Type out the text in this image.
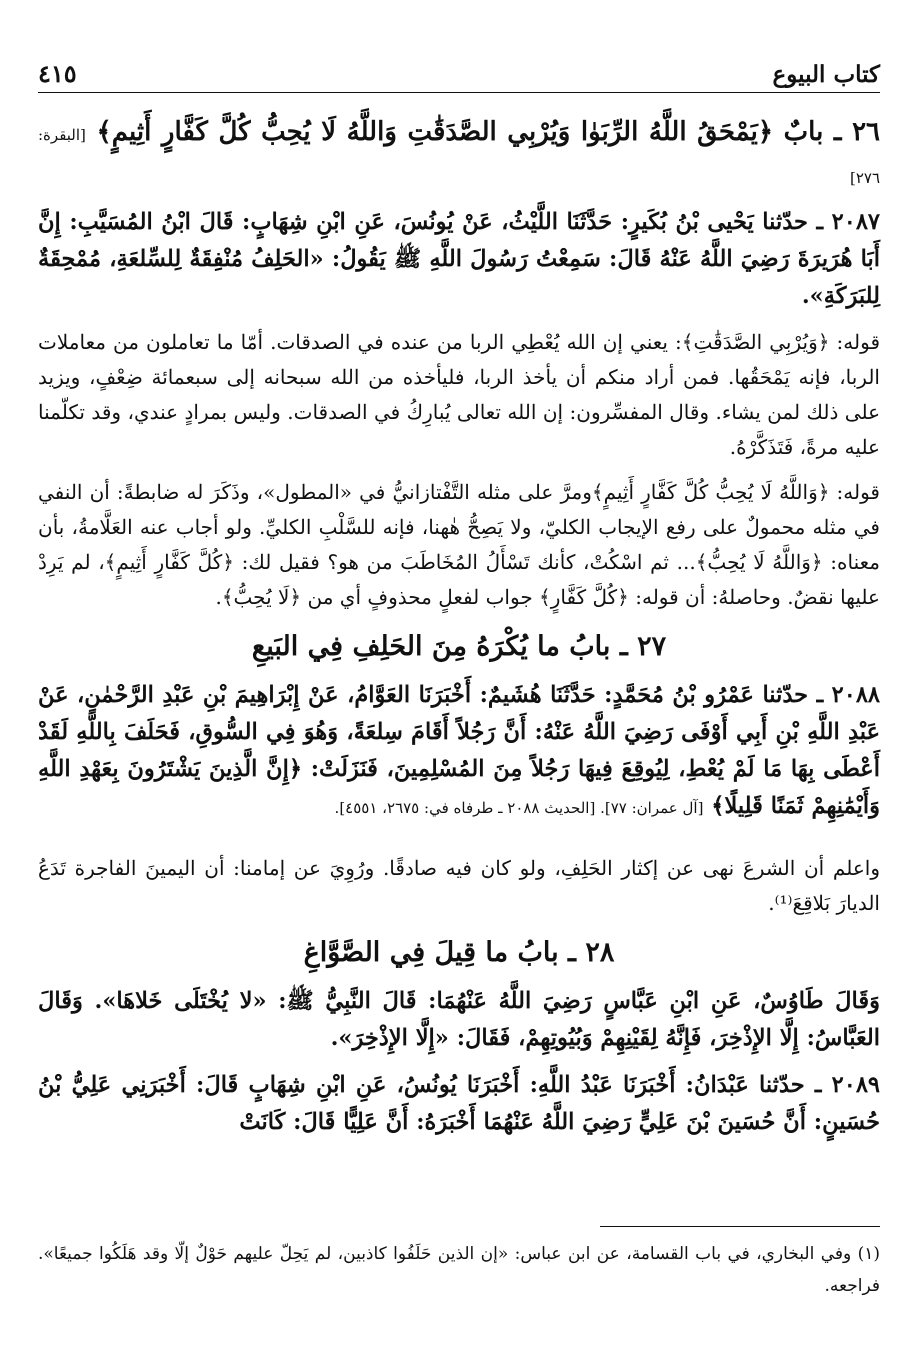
كتاب البيوع
٤١٥
٢٦ ـ بابٌ ﴿يَمْحَقُ اللَّهُ الرِّبَوٰا وَيُرْبِي الصَّدَقَٰتِ وَاللَّهُ لَا يُحِبُّ كُلَّ كَفَّارٍ أَثِيمٍ﴾ [البقرة: ٢٧٦]

٢٠٨٧ ـ حدّثنا يَحْيى بْنُ بُكَيرٍ: حَدَّثَنَا اللَّيْثُ، عَنْ يُونُسَ، عَنِ ابْنِ شِهَابٍ: قَالَ ابْنُ المُسَيَّبِ: إِنَّ أَبَا هُرَيرَةَ رَضِيَ اللَّهُ عَنْهُ قَالَ: سَمِعْتُ رَسُولَ اللَّهِ ﷺ يَقُولُ: «الحَلِفُ مُنْفِقَةٌ لِلسِّلعَةِ، مُمْحِقَةٌ لِلبَرَكَةِ».

قوله: ﴿وَيُرْبِي الصَّدَقَٰتِ﴾: يعني إن الله يُعْطِي الربا من عنده في الصدقات. أمّا ما تعاملون من معاملات الربا، فإنه يَمْحَقُها. فمن أراد منكم أن يأخذ الربا، فليأخذه من الله سبحانه إلى سبعمائة ضِعْفٍ، ويزيد على ذلك لمن يشاء. وقال المفسِّرون: إن الله تعالى يُبارِكُ في الصدقات. وليس بمرادٍ عندي، وقد تكلّمنا عليه مرةً، فَتَذَكَّرْهُ.

قوله: ﴿وَاللَّهُ لَا يُحِبُّ كُلَّ كَفَّارٍ أَثِيمٍ﴾ومرَّ على مثله التَّفْتازانيُّ في «المطول»، وذَكَرَ له ضابطةً: أن النفي في مثله محمولٌ على رفع الإيجاب الكليّ، ولا يَصِحُّ هٰهنا، فإنه للسَّلْبِ الكليِّ. ولو أجاب عنه العَلَّامةُ، بأن معناه: ﴿وَاللَّهُ لَا يُحِبُّ﴾... ثم اسْكُتْ، كأنك تَسْأَلُ المُخَاطَبَ من هو؟ فقيل لك: ﴿كُلَّ كَفَّارٍ أَثِيمٍ﴾، لم يَرِدْ عليها نقضٌ. وحاصلهُ: أن قوله: ﴿كُلَّ كَفَّارٍ﴾ جواب لفعلٍ محذوفٍ أي من ﴿لَا يُحِبُّ﴾.

٢٧ ـ بابُ ما يُكْرَهُ مِنَ الحَلِفِ فِي البَيعِ

٢٠٨٨ ـ حدّثنا عَمْرُو بْنُ مُحَمَّدٍ: حَدَّثَنَا هُشَيمٌ: أَخْبَرَنَا العَوَّامُ، عَنْ إِبْرَاهِيمَ بْنِ عَبْدِ الرَّحْمٰنِ، عَنْ عَبْدِ اللَّهِ بْنِ أَبِي أَوْفَى رَضِيَ اللَّهُ عَنْهُ: أَنَّ رَجُلاً أَقَامَ سِلعَةً، وَهُوَ فِي السُّوقِ، فَحَلَفَ بِاللَّهِ لَقَدْ أَعْطَى بِهَا مَا لَمْ يُعْطِ، لِيُوقِعَ فِيهَا رَجُلاً مِنَ المُسْلِمِينَ، فَنَزَلَتْ: ﴿إِنَّ الَّذِينَ يَشْتَرُونَ بِعَهْدِ اللَّهِ وَأَيْمَٰنِهِمْ ثَمَنًا قَلِيلًا﴾ [آل عمران: ٧٧]. [الحديث ٢٠٨٨ ـ طرفاه في: ٢٦٧٥، ٤٥٥١].

واعلم أن الشرعَ نهى عن إكثار الحَلِفِ، ولو كان فيه صادقًا. ورُوِيَ عن إمامنا: أن اليمينَ الفاجرة تَدَعُ الديارَ بَلاقِعَ⁽¹⁾.

٢٨ ـ بابُ ما قِيلَ فِي الصَّوَّاغِ

وَقَالَ طَاوُسٌ، عَنِ ابْنِ عَبَّاسٍ رَضِيَ اللَّهُ عَنْهُمَا: قَالَ النَّبِيُّ ﷺ: «لا يُخْتَلَى خَلاهَا». وَقَالَ العَبَّاسُ: إِلَّا الإِذْخِرَ، فَإِنَّهُ لِقَيْنِهِمْ وَبُيُوتِهِمْ، فَقَالَ: «إِلَّا الإِذْخِرَ».

٢٠٨٩ ـ حدّثنا عَبْدَانُ: أَخْبَرَنَا عَبْدُ اللَّهِ: أَخْبَرَنَا يُونُسُ، عَنِ ابْنِ شِهَابٍ قَالَ: أَخْبَرَنِي عَلِيُّ بْنُ حُسَينٍ: أَنَّ حُسَينَ بْنَ عَلِيٍّ رَضِيَ اللَّهُ عَنْهُمَا أَخْبَرَهُ: أَنَّ عَلِيًّا قَالَ: كَانَتْ

(١) وفي البخاري، في باب القسامة، عن ابن عباس: «إن الذين حَلَفُوا كاذبين، لم يَحِلّ عليهم حَوْلٌ إلّا وقد هَلَكُوا جميعًا». فراجعه.
